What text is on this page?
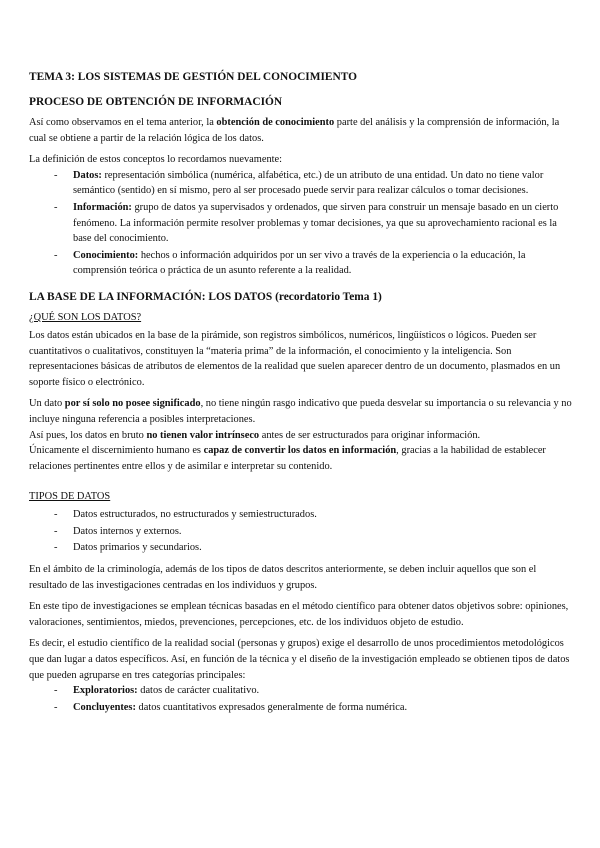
TEMA 3: LOS SISTEMAS DE GESTIÓN DEL CONOCIMIENTO
PROCESO DE OBTENCIÓN DE INFORMACIÓN

Así como observamos en el tema anterior, la obtención de conocimiento parte del análisis y la comprensión de información, la cual se obtiene a partir de la relación lógica de los datos.

La definición de estos conceptos lo recordamos nuevamente:

- Datos: representación simbólica (numérica, alfabética, etc.) de un atributo de una entidad. Un dato no tiene valor semántico (sentido) en sí mismo, pero al ser procesado puede servir para realizar cálculos o tomar decisiones.
- Información: grupo de datos ya supervisados y ordenados, que sirven para construir un mensaje basado en un cierto fenómeno. La información permite resolver problemas y tomar decisiones, ya que su aprovechamiento racional es la base del conocimiento.
- Conocimiento: hechos o información adquiridos por un ser vivo a través de la experiencia o la educación, la comprensión teórica o práctica de un asunto referente a la realidad.
LA BASE DE LA INFORMACIÓN: LOS DATOS (recordatorio Tema 1)
¿QUÉ SON LOS DATOS?

Los datos están ubicados en la base de la pirámide, son registros simbólicos, numéricos, lingüísticos o lógicos. Pueden ser cuantitativos o cualitativos, constituyen la “materia prima” de la información, el conocimiento y la inteligencia. Son representaciones básicas de atributos de elementos de la realidad que suelen aparecer dentro de un documento, plasmados en un soporte físico o electrónico.

Un dato por sí solo no posee significado, no tiene ningún rasgo indicativo que pueda desvelar su importancia o su relevancia y no incluye ninguna referencia a posibles interpretaciones.

Así pues, los datos en bruto no tienen valor intrínseco antes de ser estructurados para originar información.

Únicamente el discernimiento humano es capaz de convertir los datos en información, gracias a la habilidad de establecer relaciones pertinentes entre ellos y de asimilar e interpretar su contenido.

TIPOS DE DATOS
- Datos estructurados, no estructurados y semiestructurados.
- Datos internos y externos.
- Datos primarios y secundarios.

En el ámbito de la criminología, además de los tipos de datos descritos anteriormente, se deben incluir aquellos que son el resultado de las investigaciones centradas en los individuos y grupos.

En este tipo de investigaciones se emplean técnicas basadas en el método científico para obtener datos objetivos sobre: opiniones, valoraciones, sentimientos, miedos, prevenciones, percepciones, etc. de los individuos objeto de estudio.

Es decir, el estudio científico de la realidad social (personas y grupos) exige el desarrollo de unos procedimientos metodológicos que dan lugar a datos específicos. Así, en función de la técnica y el diseño de la investigación empleado se obtienen tipos de datos que pueden agruparse en tres categorías principales:

- Exploratorios: datos de carácter cualitativo.
- Concluyentes: datos cuantitativos expresados generalmente de forma numérica.
